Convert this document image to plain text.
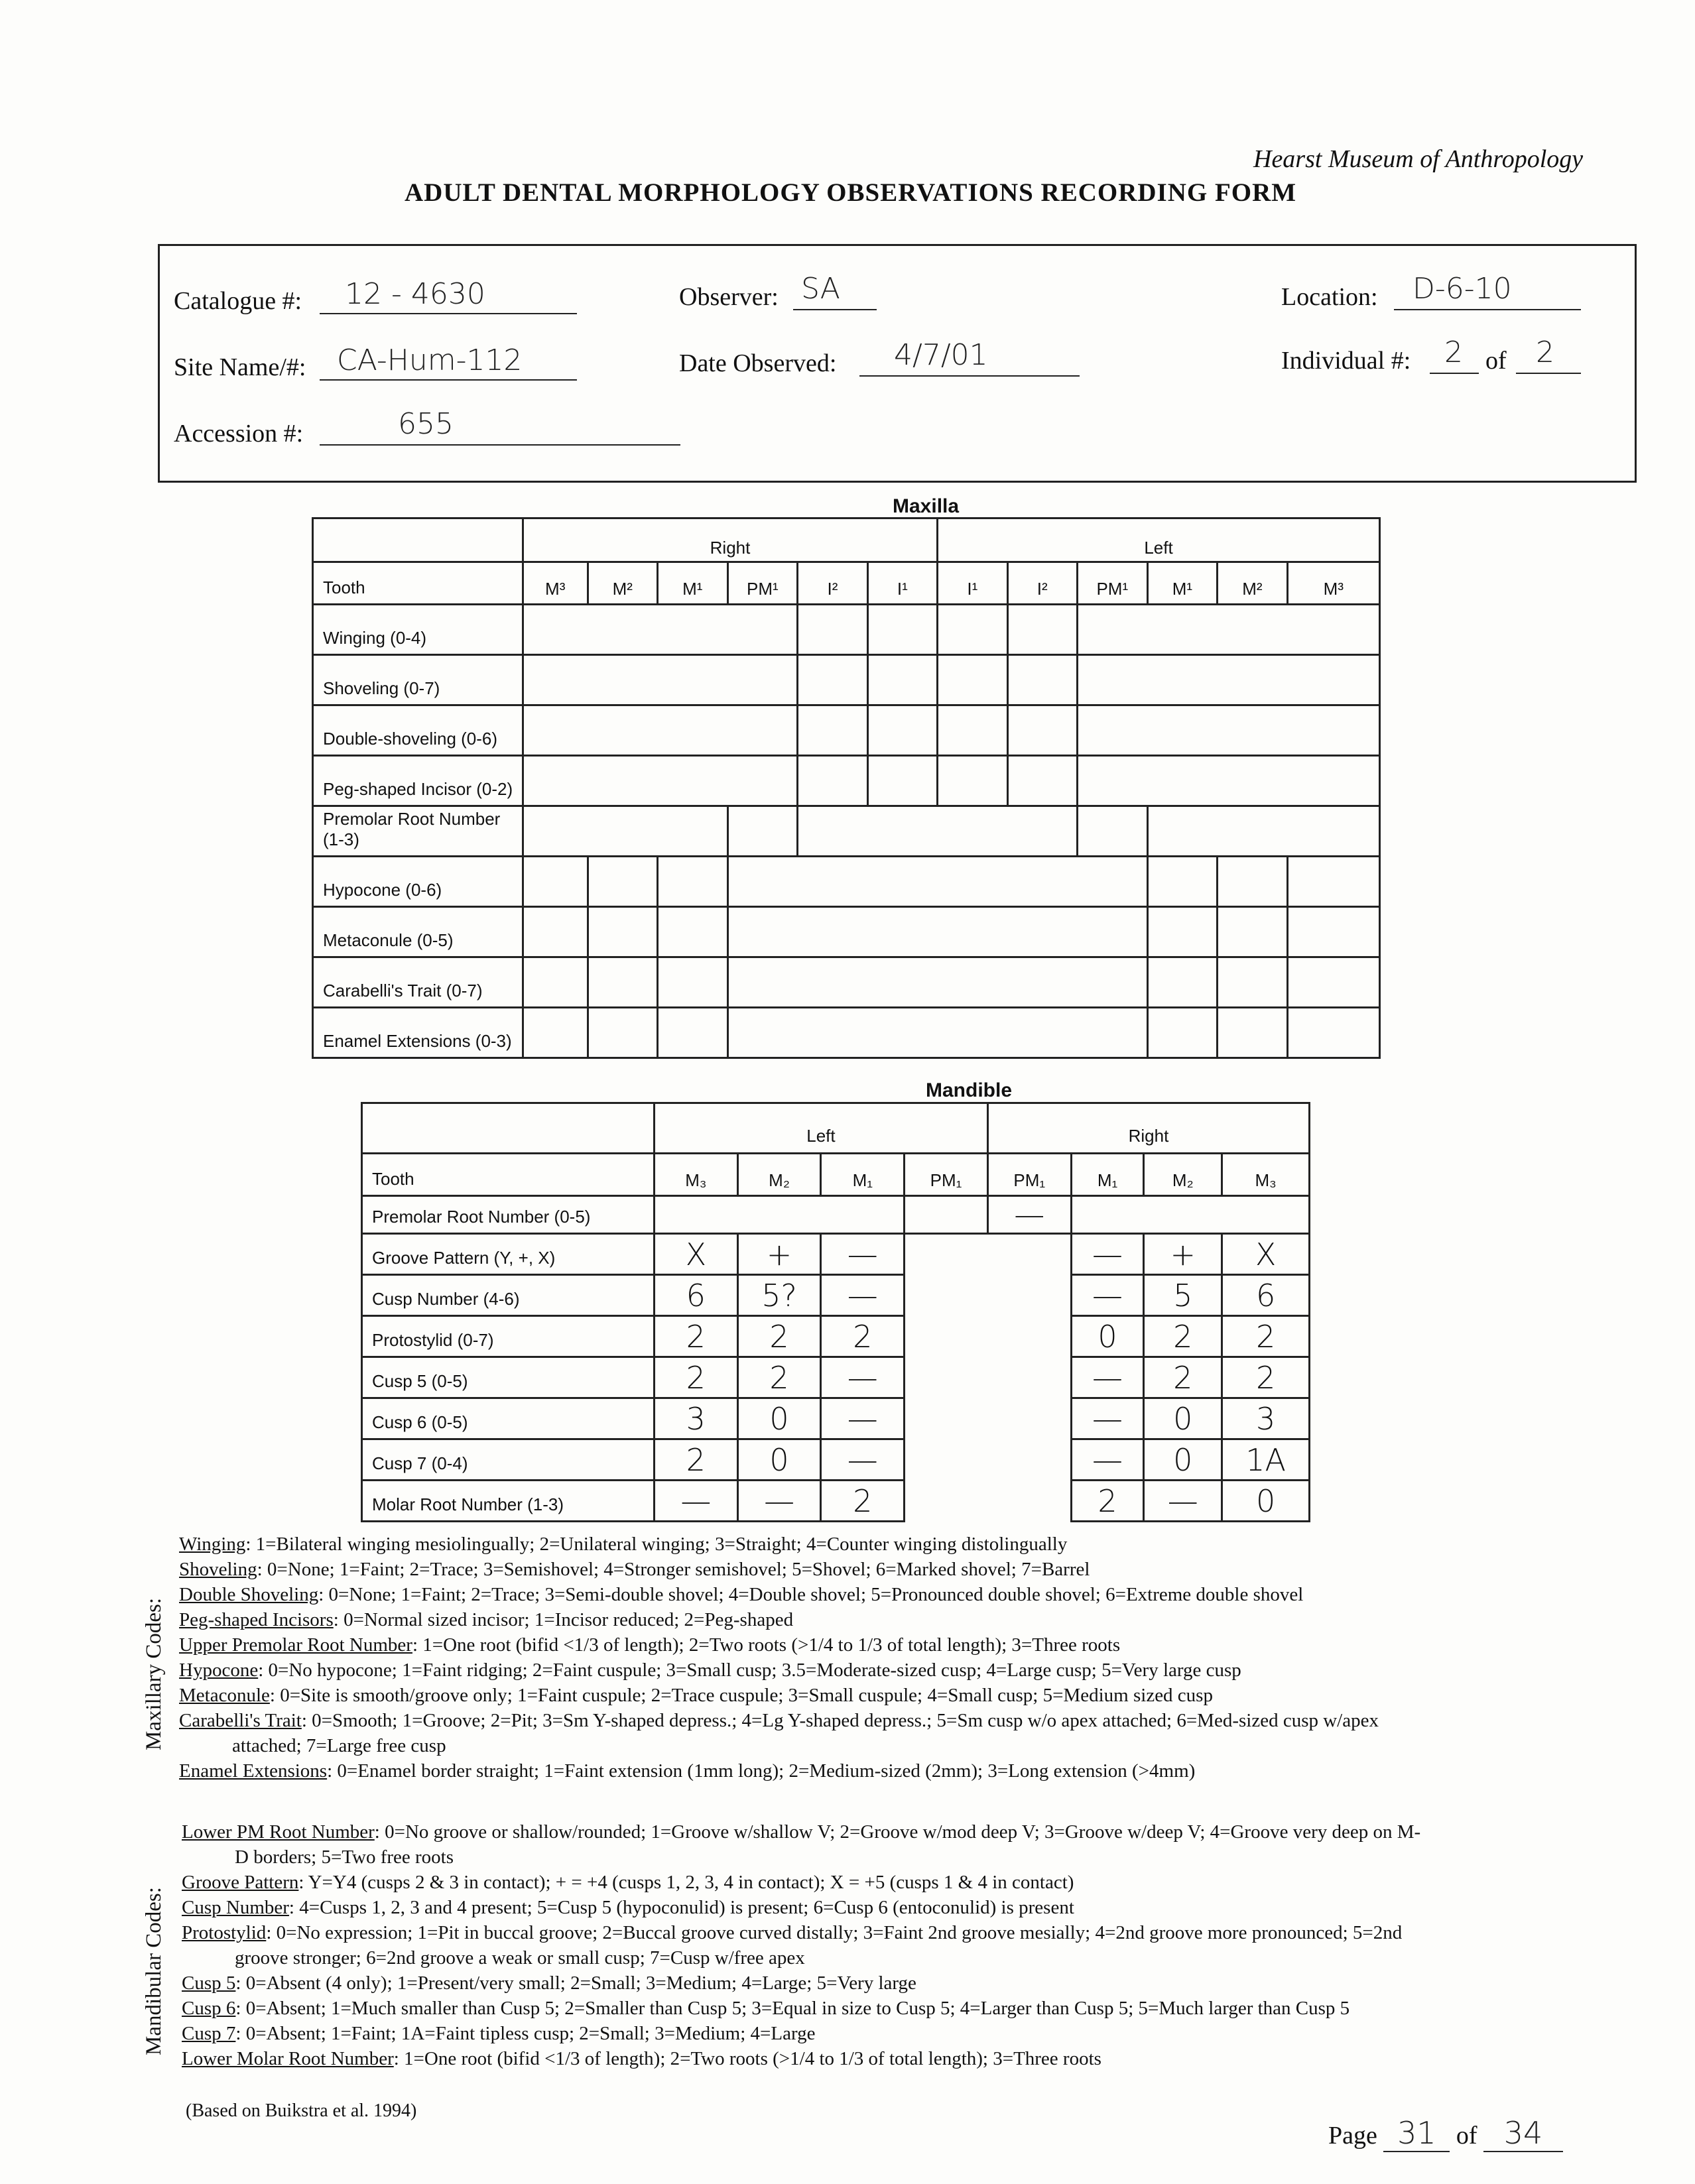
Hearst Museum of Anthropology
ADULT DENTAL MORPHOLOGY OBSERVATIONS RECORDING FORM
Catalogue #: 12 - 4630	Observer: SA	Location: D-6-10
Site Name/#: CA-Hum-112	Date Observed: 4/7/01	Individual #: 2 of 2
Accession #:	655
Maxilla
	Right						Left					
Tooth	M³	M²	M¹	PM¹	I²	I¹	I¹	I²	PM¹	M¹	M²	M³
Winging (0-4)												
Shoveling (0-7)												
Double-shoveling (0-6)												
Peg-shaped Incisor (0-2)												
Premolar Root Number (1-3)												
Hypocone (0-6)												
Metaconule (0-5)												
Carabelli's Trait (0-7)												
Enamel Extensions (0-3)												
Mandible
	Left				Right			
Tooth	M₃	M₂	M₁	PM₁	PM₁	M₁	M₂	M₃
Premolar Root Number (0-5)					—			
Groove Pattern (Y, +, X)	X	+	—			—	+	X
Cusp Number (4-6)	6	5?	—			—	5	6
Protostylid (0-7)	2	2	2			0	2	2
Cusp 5 (0-5)	2	2	—			—	2	2
Cusp 6 (0-5)	3	0	—			—	0	3
Cusp 7 (0-4)	2	0	—			—	0	1A
Molar Root Number (1-3)	—	—	2			2	—	0
Maxillary Codes:

Winging: 1=Bilateral winging mesiolingually; 2=Unilateral winging; 3=Straight; 4=Counter winging distolingually

Shoveling: 0=None; 1=Faint; 2=Trace; 3=Semishovel; 4=Stronger semishovel; 5=Shovel; 6=Marked shovel; 7=Barrel

Double Shoveling: 0=None; 1=Faint; 2=Trace; 3=Semi-double shovel; 4=Double shovel; 5=Pronounced double shovel; 6=Extreme double shovel

Peg-shaped Incisors: 0=Normal sized incisor; 1=Incisor reduced; 2=Peg-shaped

Upper Premolar Root Number: 1=One root (bifid <1/3 of length); 2=Two roots (>1/4 to 1/3 of total length); 3=Three roots

Hypocone: 0=No hypocone; 1=Faint ridging; 2=Faint cuspule; 3=Small cusp; 3.5=Moderate-sized cusp; 4=Large cusp; 5=Very large cusp

Metaconule: 0=Site is smooth/groove only; 1=Faint cuspule; 2=Trace cuspule; 3=Small cuspule; 4=Small cusp; 5=Medium sized cusp

Carabelli's Trait: 0=Smooth; 1=Groove; 2=Pit; 3=Sm Y-shaped depress.; 4=Lg Y-shaped depress.; 5=Sm cusp w/o apex attached; 6=Med-sized cusp w/apex

attached; 7=Large free cusp

Enamel Extensions: 0=Enamel border straight; 1=Faint extension (1mm long); 2=Medium-sized (2mm); 3=Long extension (>4mm)

Mandibular Codes:

Lower PM Root Number: 0=No groove or shallow/rounded; 1=Groove w/shallow V; 2=Groove w/mod deep V; 3=Groove w/deep V; 4=Groove very deep on M-

D borders; 5=Two free roots

Groove Pattern: Y=Y4 (cusps 2 & 3 in contact); + = +4 (cusps 1, 2, 3, 4 in contact); X = +5 (cusps 1 & 4 in contact)

Cusp Number: 4=Cusps 1, 2, 3 and 4 present; 5=Cusp 5 (hypoconulid) is present; 6=Cusp 6 (entoconulid) is present

Protostylid: 0=No expression; 1=Pit in buccal groove; 2=Buccal groove curved distally; 3=Faint 2nd groove mesially; 4=2nd groove more pronounced; 5=2nd

groove stronger; 6=2nd groove a weak or small cusp; 7=Cusp w/free apex

Cusp 5: 0=Absent (4 only); 1=Present/very small; 2=Small; 3=Medium; 4=Large; 5=Very large

Cusp 6: 0=Absent; 1=Much smaller than Cusp 5; 2=Smaller than Cusp 5; 3=Equal in size to Cusp 5; 4=Larger than Cusp 5; 5=Much larger than Cusp 5

Cusp 7: 0=Absent; 1=Faint; 1A=Faint tipless cusp; 2=Small; 3=Medium; 4=Large

Lower Molar Root Number: 1=One root (bifid <1/3 of length); 2=Two roots (>1/4 to 1/3 of total length); 3=Three roots

(Based on Buikstra et al. 1994)
Page 31 of 34
